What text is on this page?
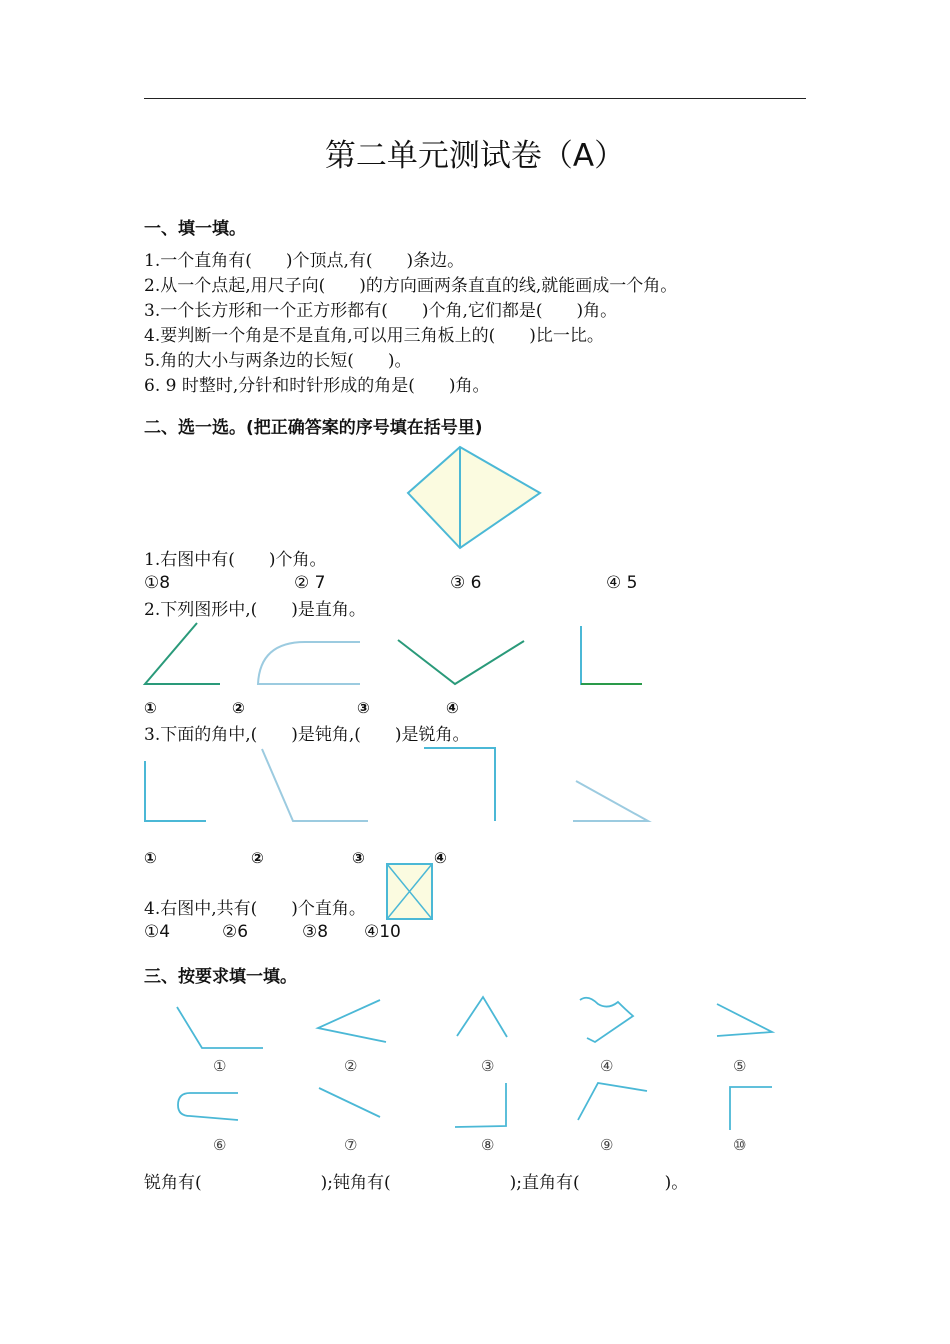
第二单元测试卷（A）
一、填一填。
1.一个直角有(　　)个顶点,有(　　)条边。
2.从一个点起,用尺子向(　　)的方向画两条直直的线,就能画成一个角。
3.一个长方形和一个正方形都有(　　)个角,它们都是(　　)角。
4.要判断一个角是不是直角,可以用三角板上的(　　)比一比。
5.角的大小与两条边的长短(　　)。
6. 9 时整时,分针和时针形成的角是(　　)角。
二、选一选。(把正确答案的序号填在括号里)
1.右图中有(　　)个角。
①8	② 7	③ 6	④ 5
2.下列图形中,(　　)是直角。
①	②	③	④
3.下面的角中,(　　)是钝角,(　　)是锐角。
①	②	③	④
4.右图中,共有(　　)个直角。
①4	②6	③8 ④10
三、按要求填一填。
①	②	③	④	⑤
⑥	⑦	⑧	⑨	⑩
锐角有(　　　　　　　);钝角有(　　　　　　　);直角有(　　　　　)。
